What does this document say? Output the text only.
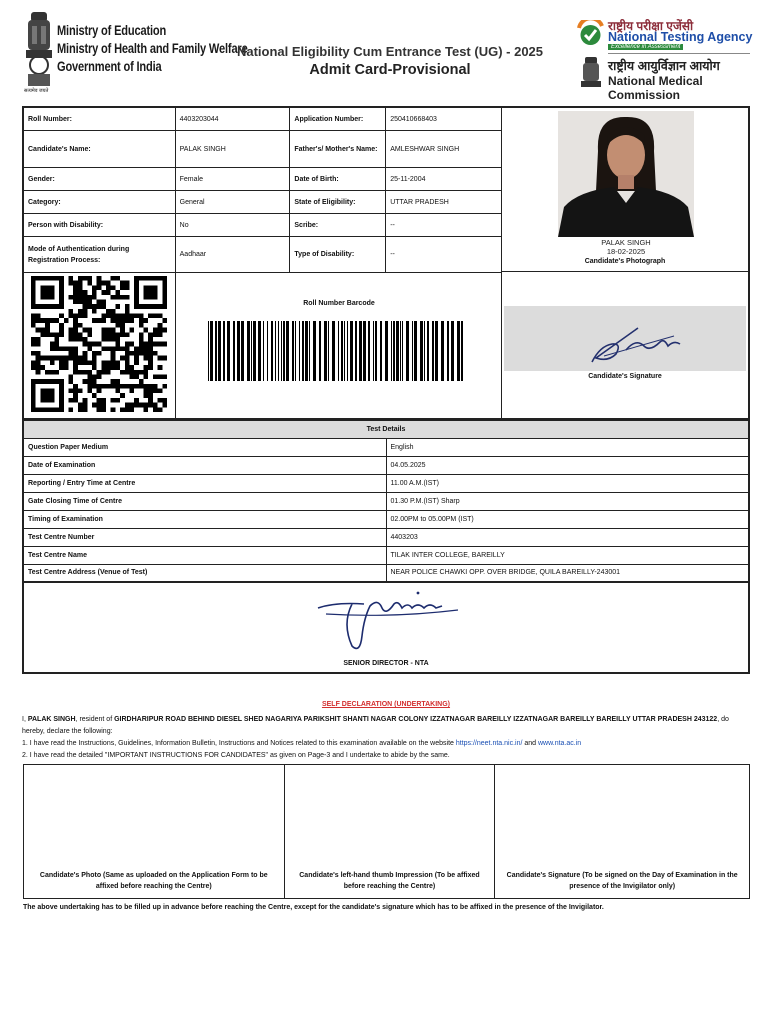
सत्यमेव जयते
Ministry of Education
Ministry of Health and Family Welfare
Government of India
National Eligibility Cum Entrance Test (UG) - 2025
Admit Card-Provisional
राष्ट्रीय परीक्षा एजेंसी
National Testing Agency
Excellence in Assessment
राष्ट्रीय आयुर्विज्ञान आयोग
National Medical Commission
Roll Number:	4403203044	Application Number:	250410668403
Candidate's Name:	PALAK SINGH	Father's/ Mother's Name:	AMLESHWAR SINGH
Gender:	Female	Date of Birth:	25-11-2004
Category:	General	State of Eligibility:	UTTAR PRADESH
Person with Disability:	No	Scribe:	--
Mode of Authentication during Registration Process:	Aadhaar	Type of Disability:	--
PALAK SINGH
18-02-2025
Candidate's Photograph
Roll Number Barcode
Candidate's Signature
Test Details	
Question Paper Medium	English
Date of Examination	04.05.2025
Reporting / Entry Time at Centre	11.00 A.M.(IST)
Gate Closing Time of Centre	01.30 P.M.(IST) Sharp
Timing of Examination	02.00PM to 05.00PM (IST)
Test Centre Number	4403203
Test Centre Name	TILAK INTER COLLEGE, BAREILLY
Test Centre Address (Venue of Test)	NEAR POLICE CHAWKI OPP. OVER BRIDGE, QUILA BAREILLY-243001
SENIOR DIRECTOR - NTA
SELF DECLARATION (UNDERTAKING)
I, PALAK SINGH, resident of GIRDHARIPUR ROAD BEHIND DIESEL SHED NAGARIYA PARIKSHIT SHANTI NAGAR COLONY IZZATNAGAR BAREILLY IZZATNAGAR BAREILLY BAREILLY UTTAR PRADESH 243122, do hereby, declare the following:
1. I have read the Instructions, Guidelines, Information Bulletin, Instructions and Notices related to this examination available on the website https://neet.nta.nic.in/ and www.nta.ac.in
2. I have read the detailed "IMPORTANT INSTRUCTIONS FOR CANDIDATES" as given on Page-3 and I undertake to abide by the same.
Candidate's Photo (Same as uploaded on the Application Form to be affixed before reaching the Centre)	Candidate's left-hand thumb Impression (To be affixed before reaching the Centre)	Candidate's Signature (To be signed on the Day of Examination in the presence of the Invigilator only)
The above undertaking has to be filled up in advance before reaching the Centre, except for the candidate's signature which has to be affixed in the presence of the Invigilator.
